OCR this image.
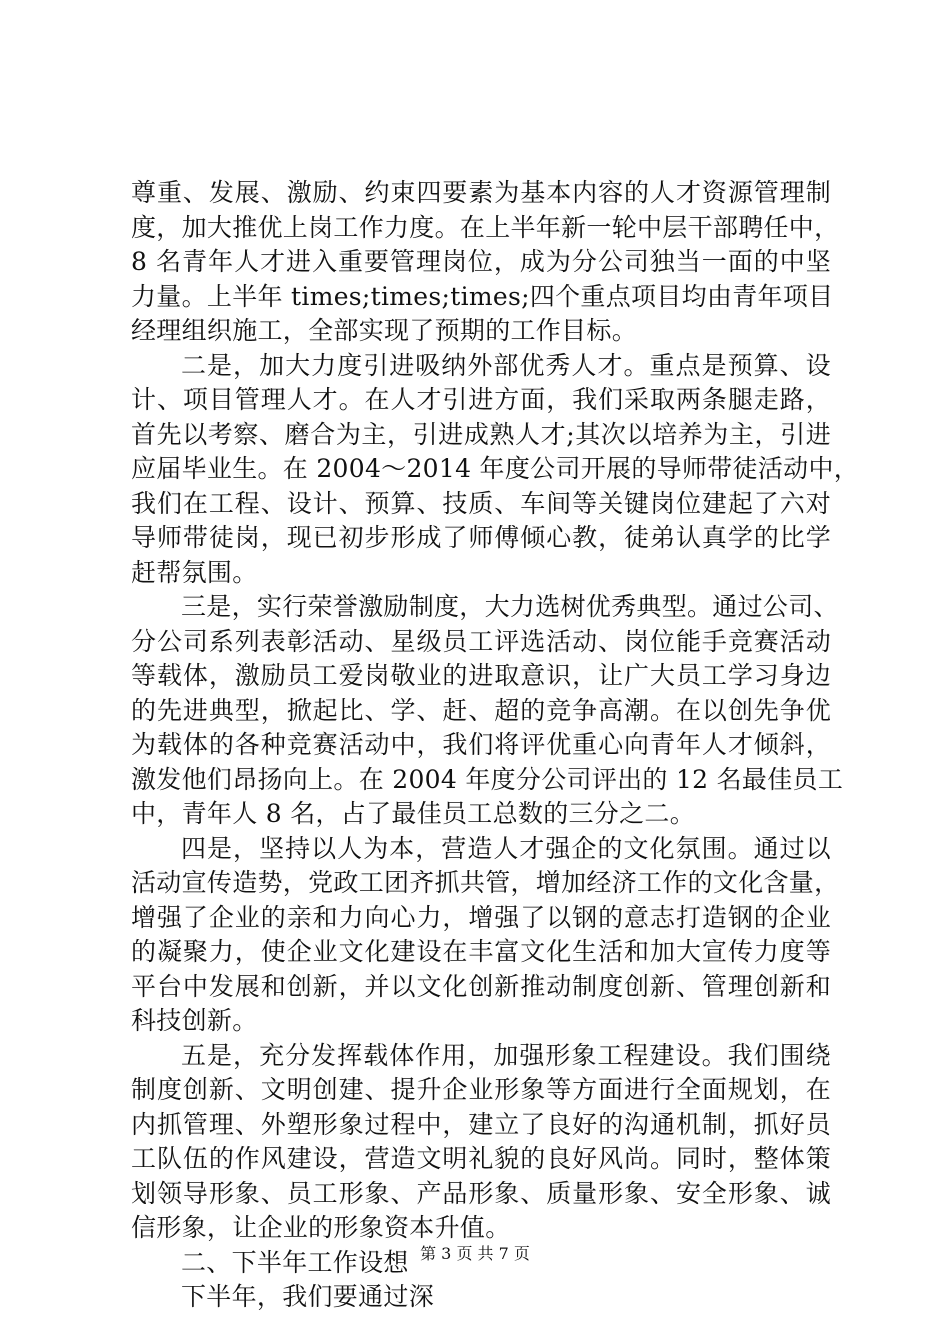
尊重、发展、激励、约束四要素为基本内容的人才资源管理制
度，加大推优上岗工作力度。在上半年新一轮中层干部聘任中，
8 名青年人才进入重要管理岗位，成为分公司独当一面的中坚
力量。上半年 times;times;times;四个重点项目均由青年项目
经理组织施工，全部实现了预期的工作目标。
二是，加大力度引进吸纳外部优秀人才。重点是预算、设
计、项目管理人才。在人才引进方面，我们采取两条腿走路，
首先以考察、磨合为主，引进成熟人才;其次以培养为主，引进
应届毕业生。在 2004～2014 年度公司开展的导师带徒活动中，
我们在工程、设计、预算、技质、车间等关键岗位建起了六对
导师带徒岗，现已初步形成了师傅倾心教，徒弟认真学的比学
赶帮氛围。
三是，实行荣誉激励制度，大力选树优秀典型。通过公司、
分公司系列表彰活动、星级员工评选活动、岗位能手竞赛活动
等载体，激励员工爱岗敬业的进取意识，让广大员工学习身边
的先进典型，掀起比、学、赶、超的竞争高潮。在以创先争优
为载体的各种竞赛活动中，我们将评优重心向青年人才倾斜，
激发他们昂扬向上。在 2004 年度分公司评出的 12 名最佳员工
中，青年人 8 名，占了最佳员工总数的三分之二。
四是，坚持以人为本，营造人才强企的文化氛围。通过以
活动宣传造势，党政工团齐抓共管，增加经济工作的文化含量，
增强了企业的亲和力向心力，增强了以钢的意志打造钢的企业
的凝聚力，使企业文化建设在丰富文化生活和加大宣传力度等
平台中发展和创新，并以文化创新推动制度创新、管理创新和
科技创新。
五是，充分发挥载体作用，加强形象工程建设。我们围绕
制度创新、文明创建、提升企业形象等方面进行全面规划，在
内抓管理、外塑形象过程中，建立了良好的沟通机制，抓好员
工队伍的作风建设，营造文明礼貌的良好风尚。同时，整体策
划领导形象、员工形象、产品形象、质量形象、安全形象、诚
信形象，让企业的形象资本升值。
二、下半年工作设想
下半年，我们要通过深
第 3 页 共 7 页
